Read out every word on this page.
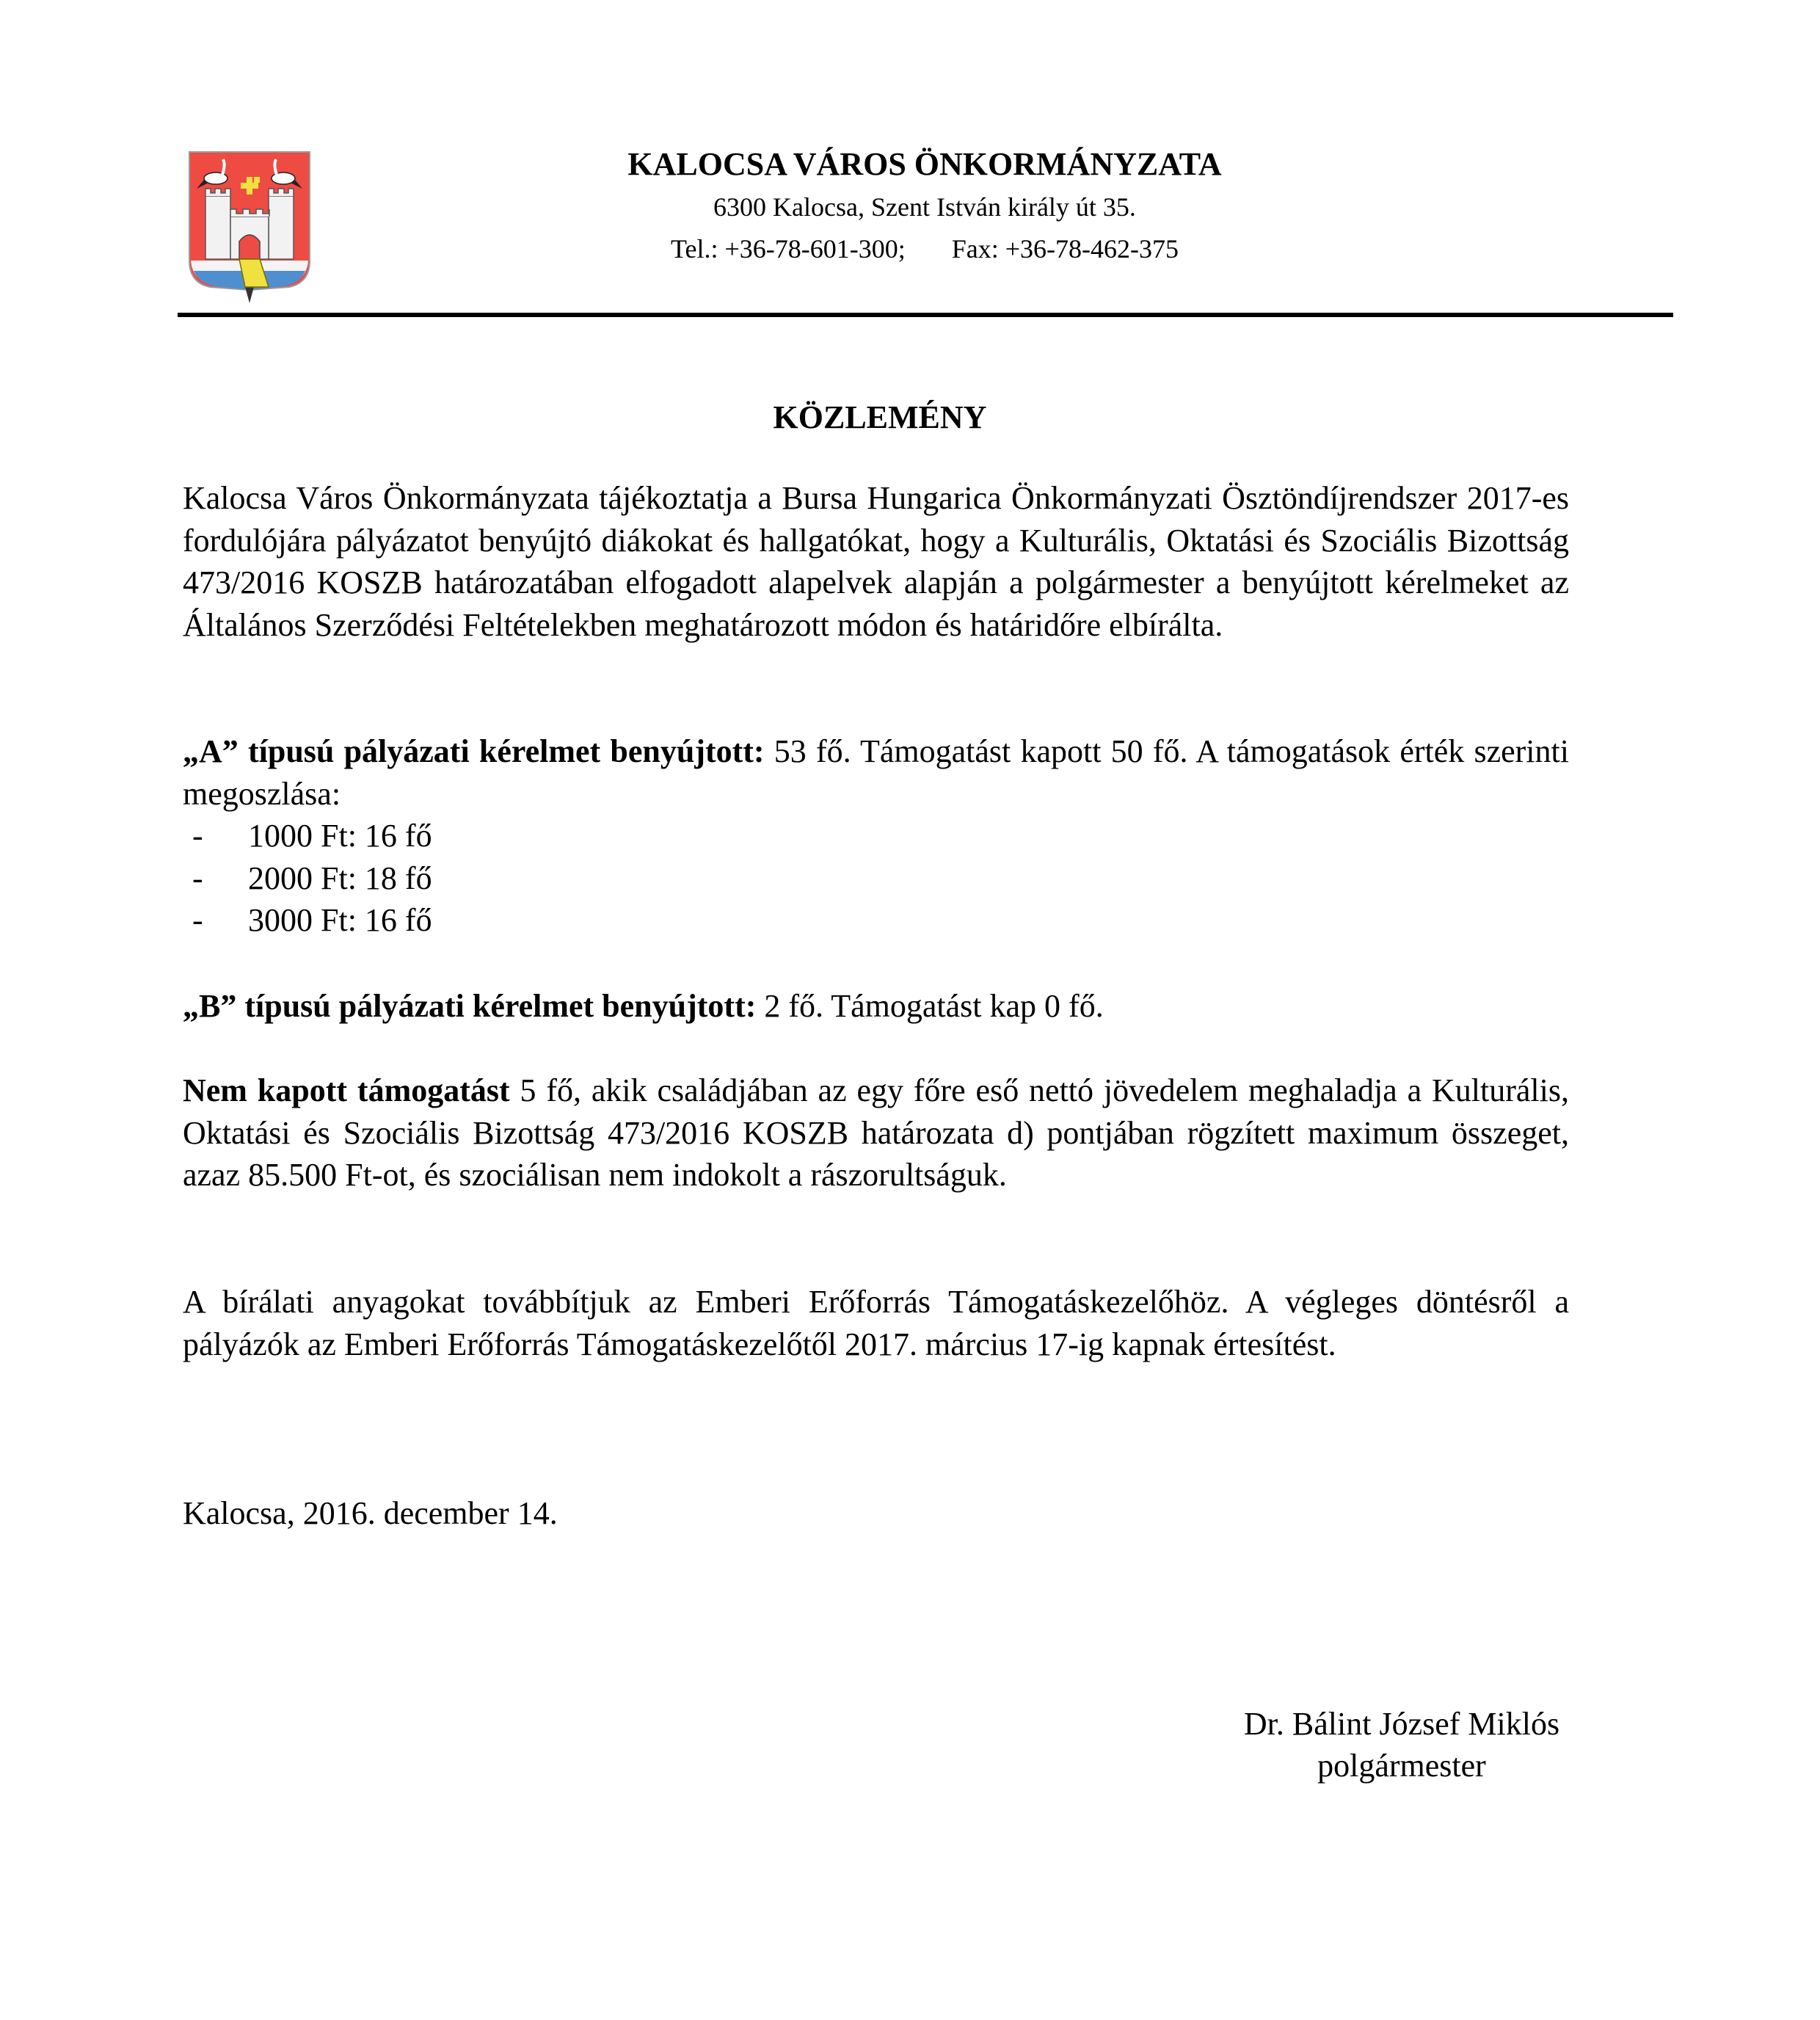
KALOCSA VÁROS ÖNKORMÁNYZATA
6300 Kalocsa, Szent István király út 35.
Tel.: +36-78-601-300; Fax: +36-78-462-375
KÖZLEMÉNY
Kalocsa Város Önkormányzata tájékoztatja a Bursa Hungarica Önkormányzati Ösztöndíjrendszer 2017-es fordulójára pályázatot benyújtó diákokat és hallgatókat, hogy a Kulturális, Oktatási és Szociális Bizottság 473/2016 KOSZB határozatában elfogadott alapelvek alapján a polgármester a benyújtott kérelmeket az Általános Szerződési Feltételekben meghatározott módon és határidőre elbírálta.
„A” típusú pályázati kérelmet benyújtott: 53 fő. Támogatást kapott 50 fő. A támogatások érték szerinti megoszlása:
-	1000 Ft: 16 fő
-	2000 Ft: 18 fő
-	3000 Ft: 16 fő
„B” típusú pályázati kérelmet benyújtott: 2 fő. Támogatást kap 0 fő.
Nem kapott támogatást 5 fő, akik családjában az egy főre eső nettó jövedelem meghaladja a Kulturális, Oktatási és Szociális Bizottság 473/2016 KOSZB határozata d) pontjában rögzített maximum összeget, azaz 85.500 Ft-ot, és szociálisan nem indokolt a rászorultságuk.
A bírálati anyagokat továbbítjuk az Emberi Erőforrás Támogatáskezelőhöz. A végleges döntésről a pályázók az Emberi Erőforrás Támogatáskezelőtől 2017. március 17-ig kapnak értesítést.
Kalocsa, 2016. december 14.
Dr. Bálint József Miklós
polgármester
